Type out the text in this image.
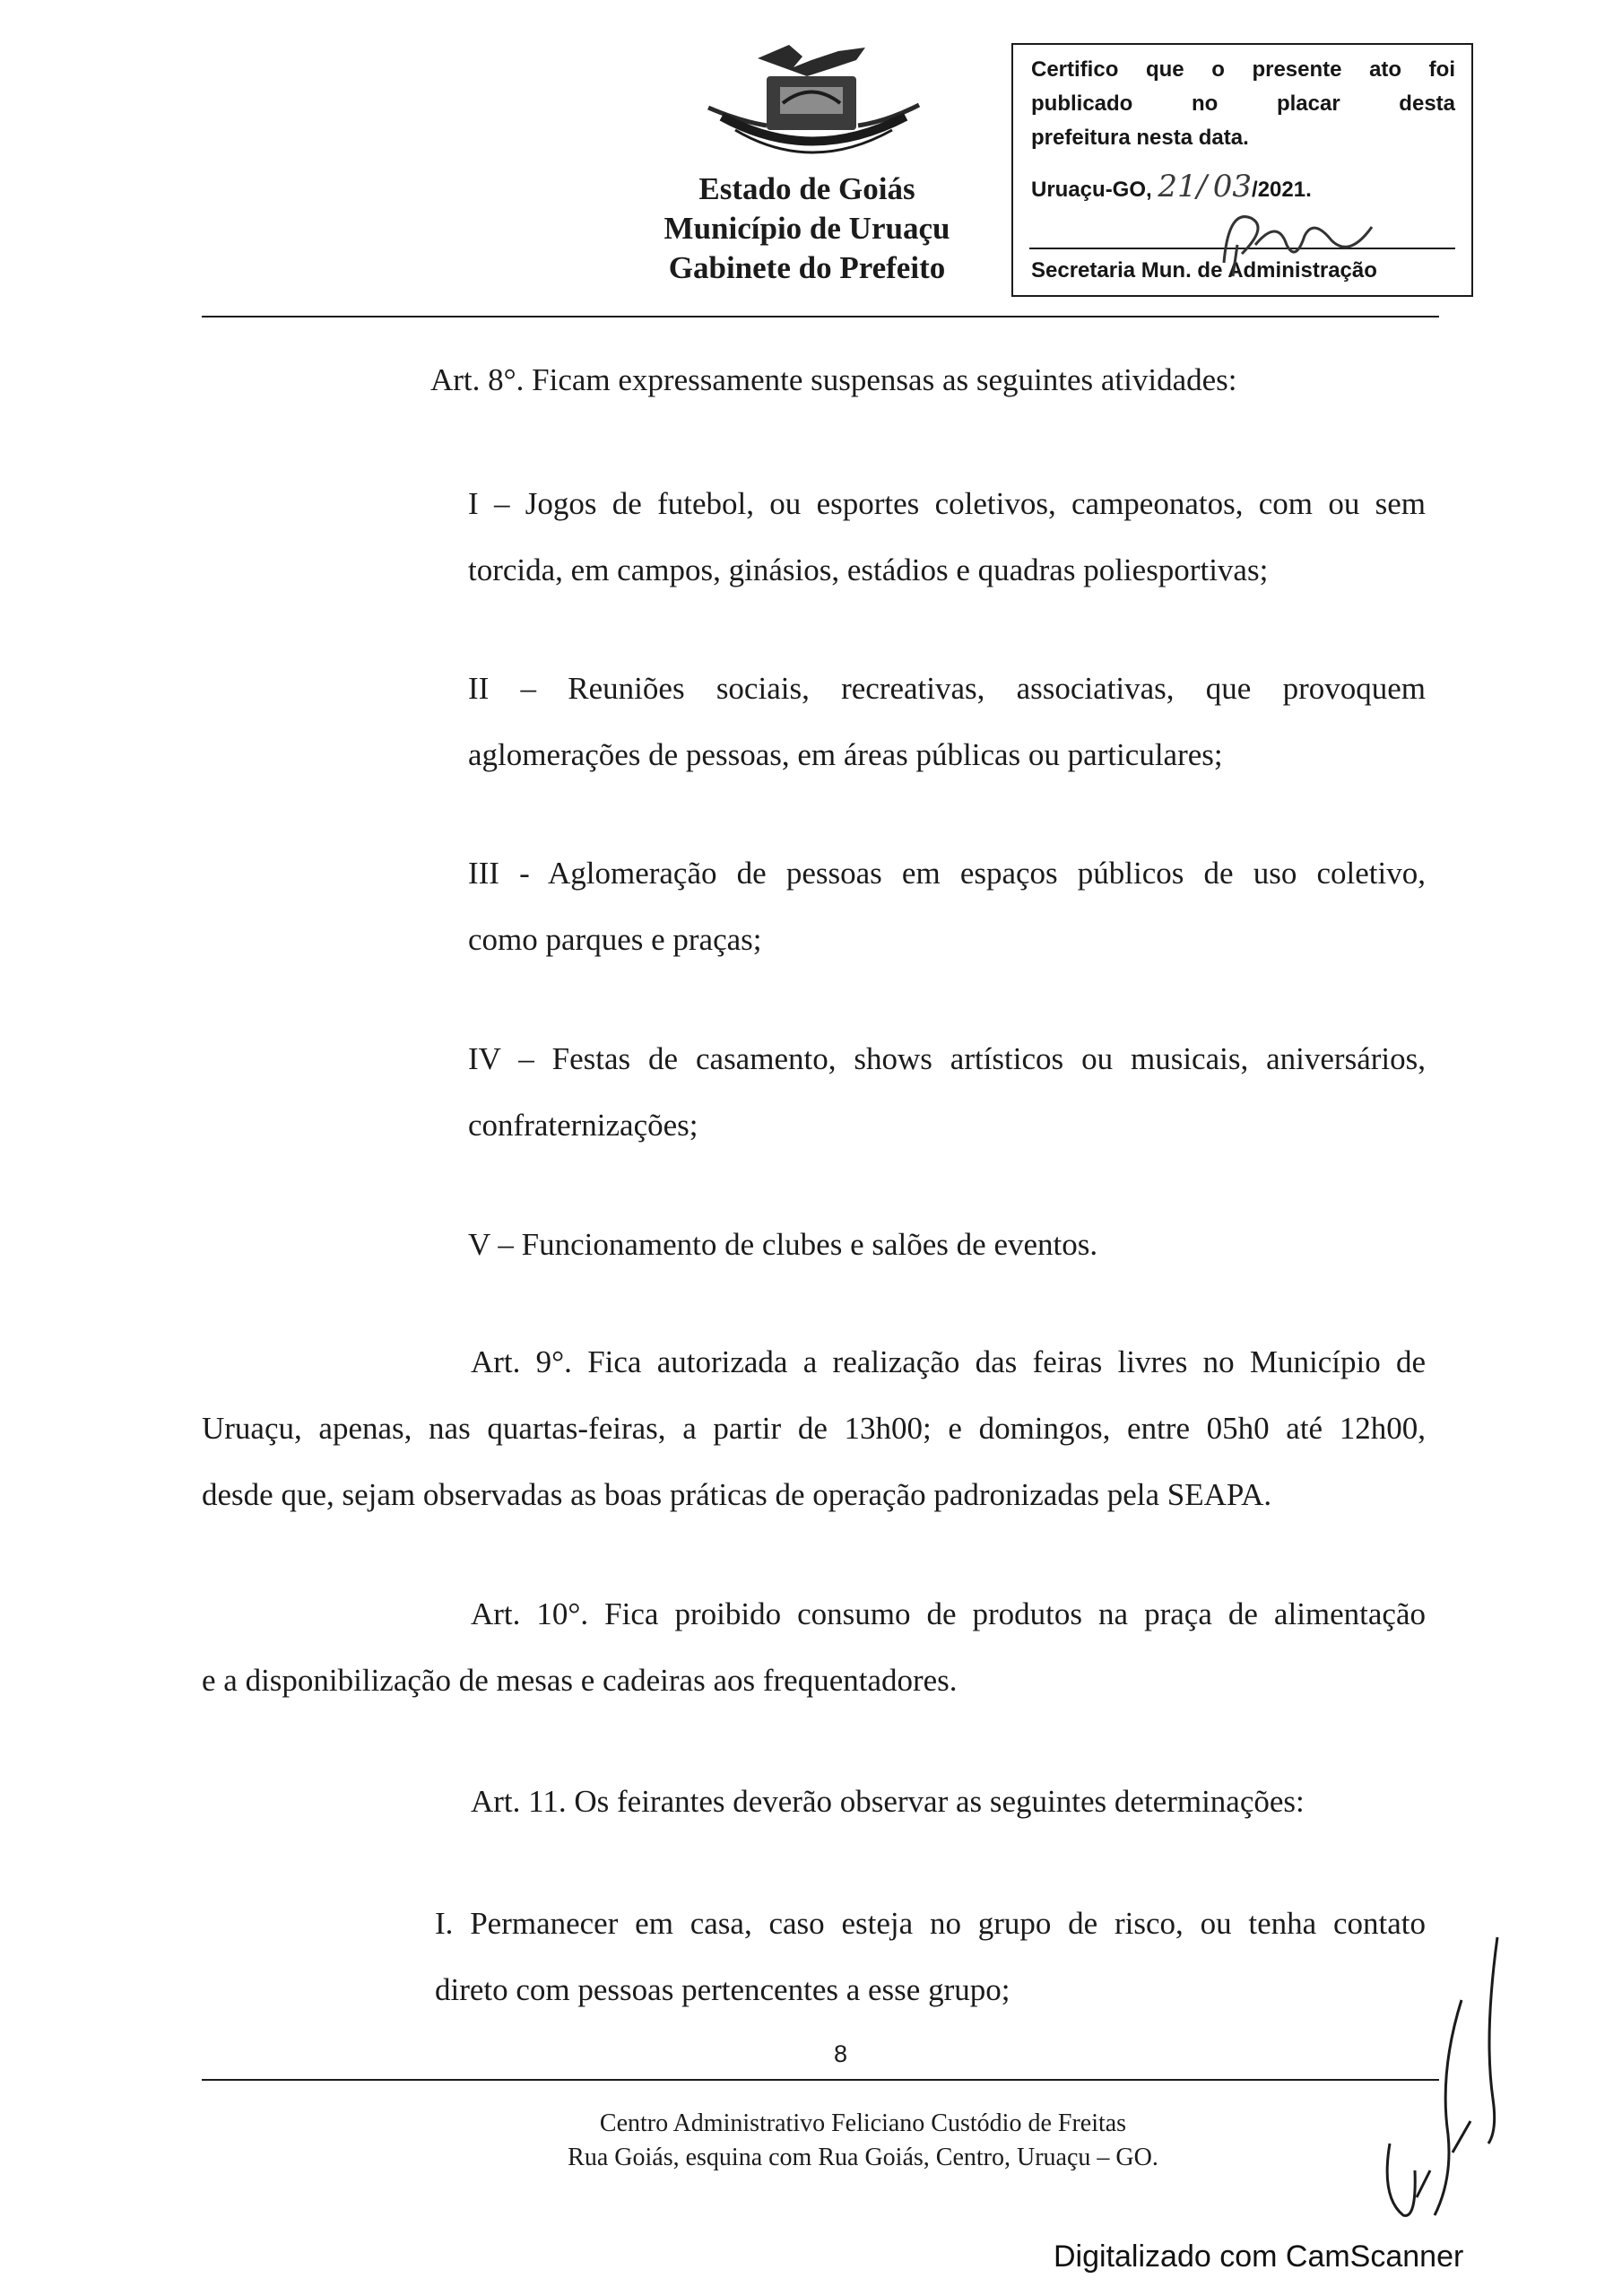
Estado de Goiás
Município de Uruaçu
Gabinete do Prefeito
Certifico que o presente ato foi
publicado no placar desta
prefeitura nesta data.
Uruaçu-GO, 21/ 03/2021.
Secretaria Mun. de Administração
Art. 8°. Ficam expressamente suspensas as seguintes atividades:
I – Jogos de futebol, ou esportes coletivos, campeonatos, com ou sem
torcida, em campos, ginásios, estádios e quadras poliesportivas;
II – Reuniões sociais, recreativas, associativas, que provoquem
aglomerações de pessoas, em áreas públicas ou particulares;
III - Aglomeração de pessoas em espaços públicos de uso coletivo,
como parques e praças;
IV – Festas de casamento, shows artísticos ou musicais, aniversários,
confraternizações;
V – Funcionamento de clubes e salões de eventos.
Art. 9°. Fica autorizada a realização das feiras livres no Município de
Uruaçu, apenas, nas quartas-feiras, a partir de 13h00; e domingos, entre 05h0 até 12h00,
desde que, sejam observadas as boas práticas de operação padronizadas pela SEAPA.
Art. 10°. Fica proibido consumo de produtos na praça de alimentação
e a disponibilização de mesas e cadeiras aos frequentadores.
Art. 11. Os feirantes deverão observar as seguintes determinações:
I. Permanecer em casa, caso esteja no grupo de risco, ou tenha contato
direto com pessoas pertencentes a esse grupo;
8
Centro Administrativo Feliciano Custódio de Freitas
Rua Goiás, esquina com Rua Goiás, Centro, Uruaçu – GO.
Digitalizado com CamScanner
